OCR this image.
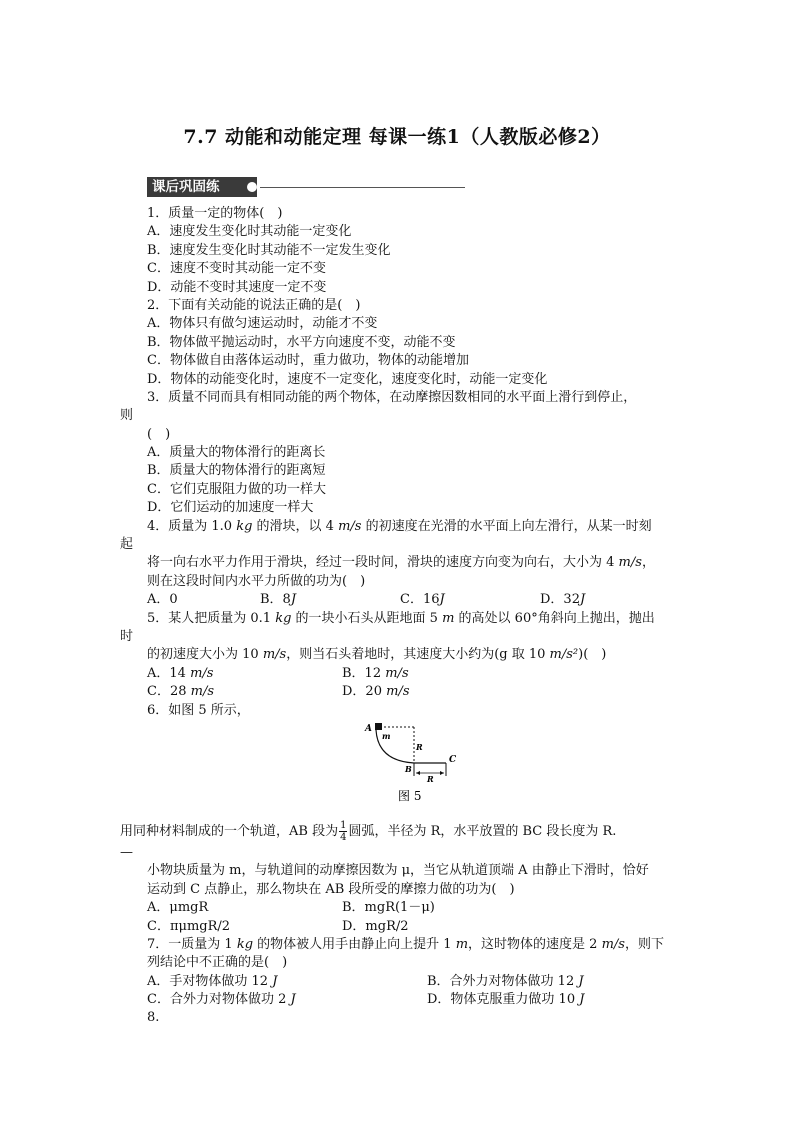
7.7 动能和动能定理 每课一练1（人教版必修2）
课后巩固练
1．质量一定的物体(　)
A．速度发生变化时其动能一定变化
B．速度发生变化时其动能不一定发生变化
C．速度不变时其动能一定不变
D．动能不变时其速度一定不变
2．下面有关动能的说法正确的是(　)
A．物体只有做匀速运动时，动能才不变
B．物体做平抛运动时，水平方向速度不变，动能不变
C．物体做自由落体运动时，重力做功，物体的动能增加
D．物体的动能变化时，速度不一定变化，速度变化时，动能一定变化
3．质量不同而具有相同动能的两个物体，在动摩擦因数相同的水平面上滑行到停止，
则
(　)
A．质量大的物体滑行的距离长
B．质量大的物体滑行的距离短
C．它们克服阻力做的功一样大
D．它们运动的加速度一样大
4．质量为 1.0 kg 的滑块，以 4 m/s 的初速度在光滑的水平面上向左滑行，从某一时刻
起
将一向右水平力作用于滑块，经过一段时间，滑块的速度方向变为向右，大小为 4 m/s，
则在这段时间内水平力所做的功为(　)
A．0	B．8J	C．16J	D．32J
5．某人把质量为 0.1 kg 的一块小石头从距地面 5 m 的高处以 60°角斜向上抛出，抛出
时
的初速度大小为 10 m/s，则当石头着地时，其速度大小约为(g 取 10 m/s²)(　)
A．14 m/s	B．12 m/s
C．28 m/s	D．20 m/s
6．如图 5 所示，
A
m
R
B
R
C
图 5
用同种材料制成的一个轨道，AB 段为 $\frac{1}{4}$ 圆弧，半径为 R，水平放置的 BC 段长度为 R.
—
小物块质量为 m，与轨道间的动摩擦因数为 μ，当它从轨道顶端 A 由静止下滑时，恰好
运动到 C 点静止，那么物块在 AB 段所受的摩擦力做的功为(　)
A．μmgR	B．mgR(1－μ)
C．πμmgR/2	D．mgR/2
7．一质量为 1 kg 的物体被人用手由静止向上提升 1 m，这时物体的速度是 2 m/s，则下
列结论中不正确的是(　)
A．手对物体做功 12 J	B．合外力对物体做功 12 J
C．合外力对物体做功 2 J	D．物体克服重力做功 10 J
8.
